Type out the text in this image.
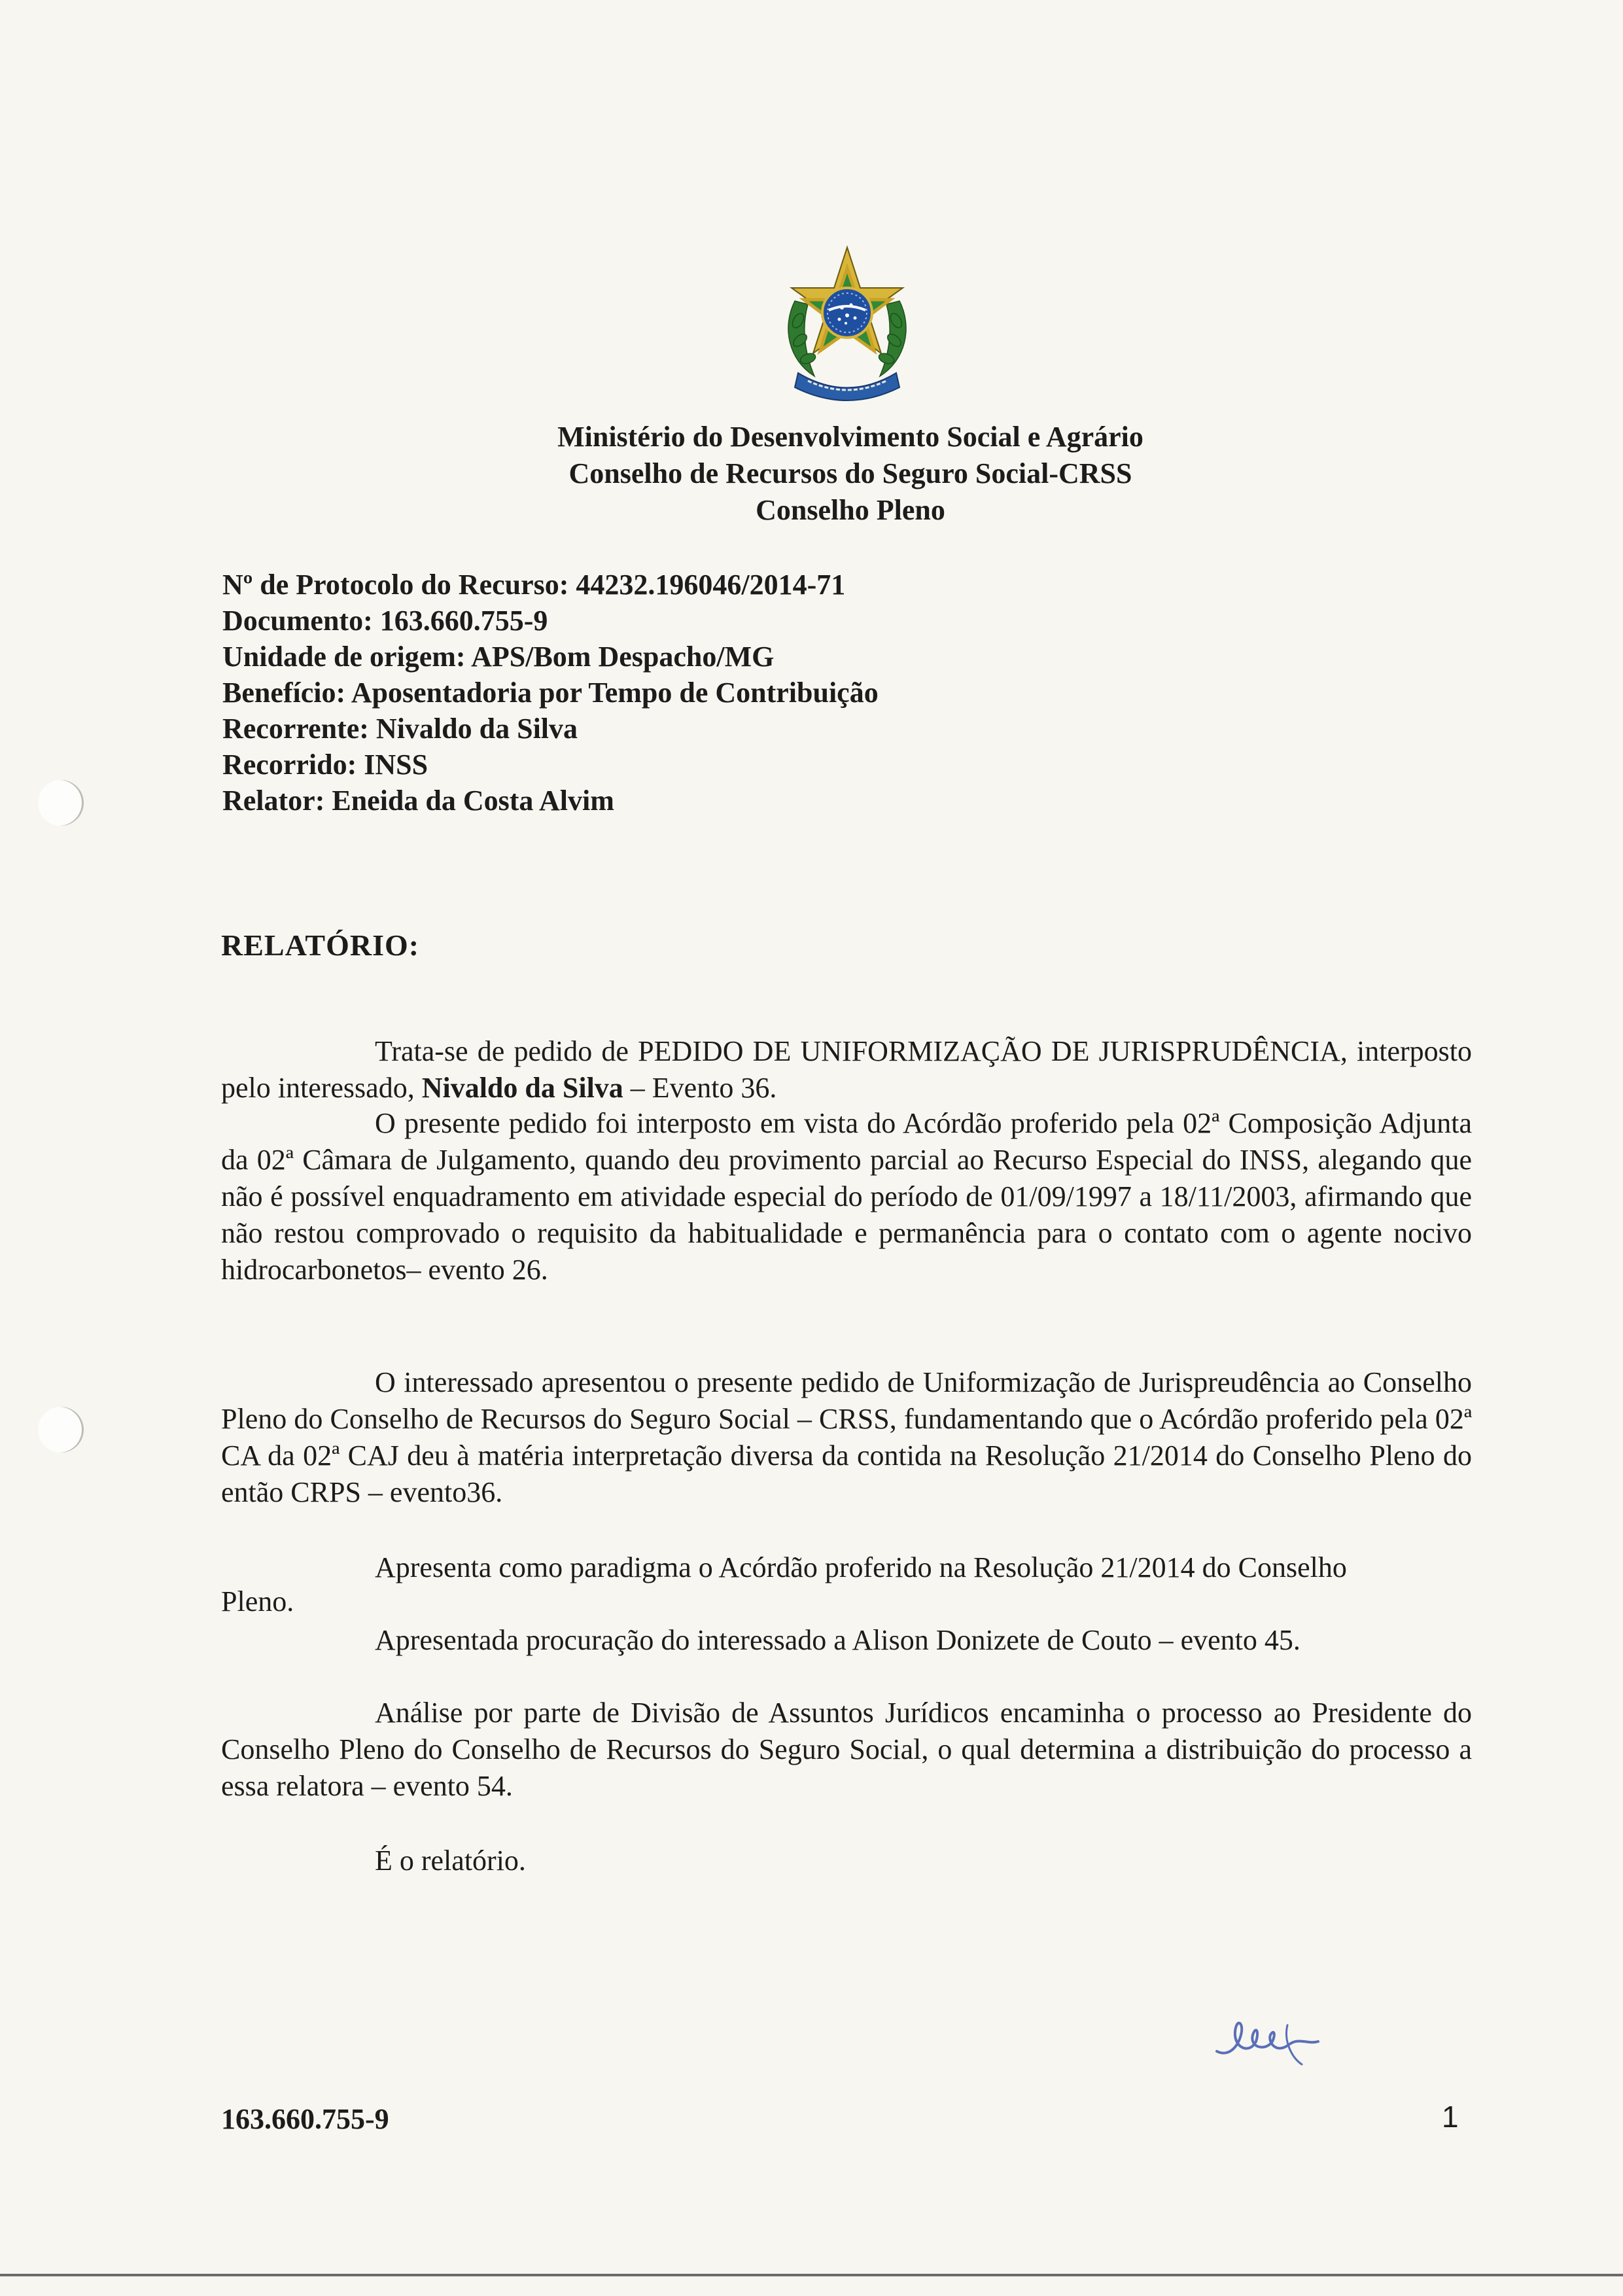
Ministério do Desenvolvimento Social e Agrário
Conselho de Recursos do Seguro Social-CRSS
Conselho Pleno
Nº de Protocolo do Recurso: 44232.196046/2014-71
Documento: 163.660.755-9
Unidade de origem: APS/Bom Despacho/MG
Benefício: Aposentadoria por Tempo de Contribuição
Recorrente: Nivaldo da Silva
Recorrido: INSS
Relator: Eneida da Costa Alvim
RELATÓRIO:
Trata-se de pedido de PEDIDO DE UNIFORMIZAÇÃO DE JURISPRUDÊNCIA, interposto pelo interessado, Nivaldo da Silva – Evento 36.
O presente pedido foi interposto em vista do Acórdão proferido pela 02ª Composição Adjunta da 02ª Câmara de Julgamento, quando deu provimento parcial ao Recurso Especial do INSS, alegando que não é possível enquadramento em atividade especial do período de 01/09/1997 a 18/11/2003, afirmando que não restou comprovado o requisito da habitualidade e permanência para o contato com o agente nocivo hidrocarbonetos– evento 26.
O interessado apresentou o presente pedido de Uniformização de Jurispreudência ao Conselho Pleno do Conselho de Recursos do Seguro Social – CRSS, fundamentando que o Acórdão proferido pela 02ª CA da 02ª CAJ deu à matéria interpretação diversa da contida na Resolução 21/2014 do Conselho Pleno do então CRPS – evento36.
Apresenta como paradigma o Acórdão proferido na Resolução 21/2014 do Conselho
Pleno.
Apresentada procuração do interessado a Alison Donizete de Couto – evento 45.
Análise por parte de Divisão de Assuntos Jurídicos encaminha o processo ao Presidente do Conselho Pleno do Conselho de Recursos do Seguro Social, o qual determina a distribuição do processo a essa relatora – evento 54.
É o relatório.
163.660.755-9	1
